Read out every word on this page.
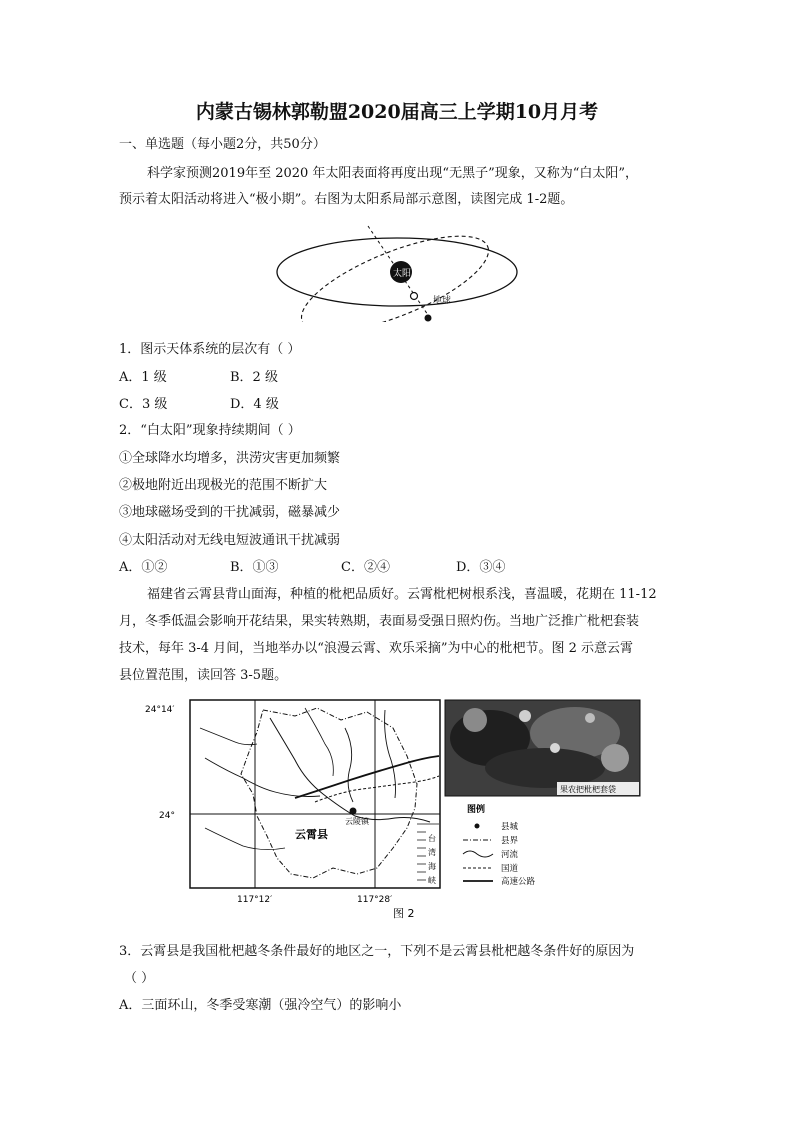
内蒙古锡林郭勒盟2020届高三上学期10月月考
一、单选题（每小题2分，共50分）
科学家预测2019年至 2020 年太阳表面将再度出现“无黑子”现象，又称为“白太阳”，
预示着太阳活动将进入“极小期”。右图为太阳系局部示意图，读图完成 1-2题。
太阳
地球
1．图示天体系统的层次有（ ）
A．1 级	B．2 级
C．3 级	D．4 级
2．“白太阳”现象持续期间（ ）
①全球降水均增多，洪涝灾害更加频繁
②极地附近出现极光的范围不断扩大
③地球磁场受到的干扰减弱，磁暴减少
④太阳活动对无线电短波通讯干扰减弱
A．①②	B．①③	C．②④	D．③④
福建省云霄县背山面海，种植的枇杷品质好。云霄枇杷树根系浅，喜温暖，花期在 11-12
月，冬季低温会影响开花结果，果实转熟期，表面易受强日照灼伤。当地广泛推广枇杷套装
技术，每年 3-4 月间，当地举办以“浪漫云霄、欢乐采摘”为中心的枇杷节。图 2 示意云霄
县位置范围，读回答 3-5题。
24°14′
24°
117°12′	117°28′
云陵镇
云霄县	台
湾
海
峡
果农把枇杷套袋
图例
县城
县界
河流
国道
高速公路
图 2
3．云霄县是我国枇杷越冬条件最好的地区之一，下列不是云霄县枇杷越冬条件好的原因为
（ ）
A．三面环山，冬季受寒潮（强冷空气）的影响小
